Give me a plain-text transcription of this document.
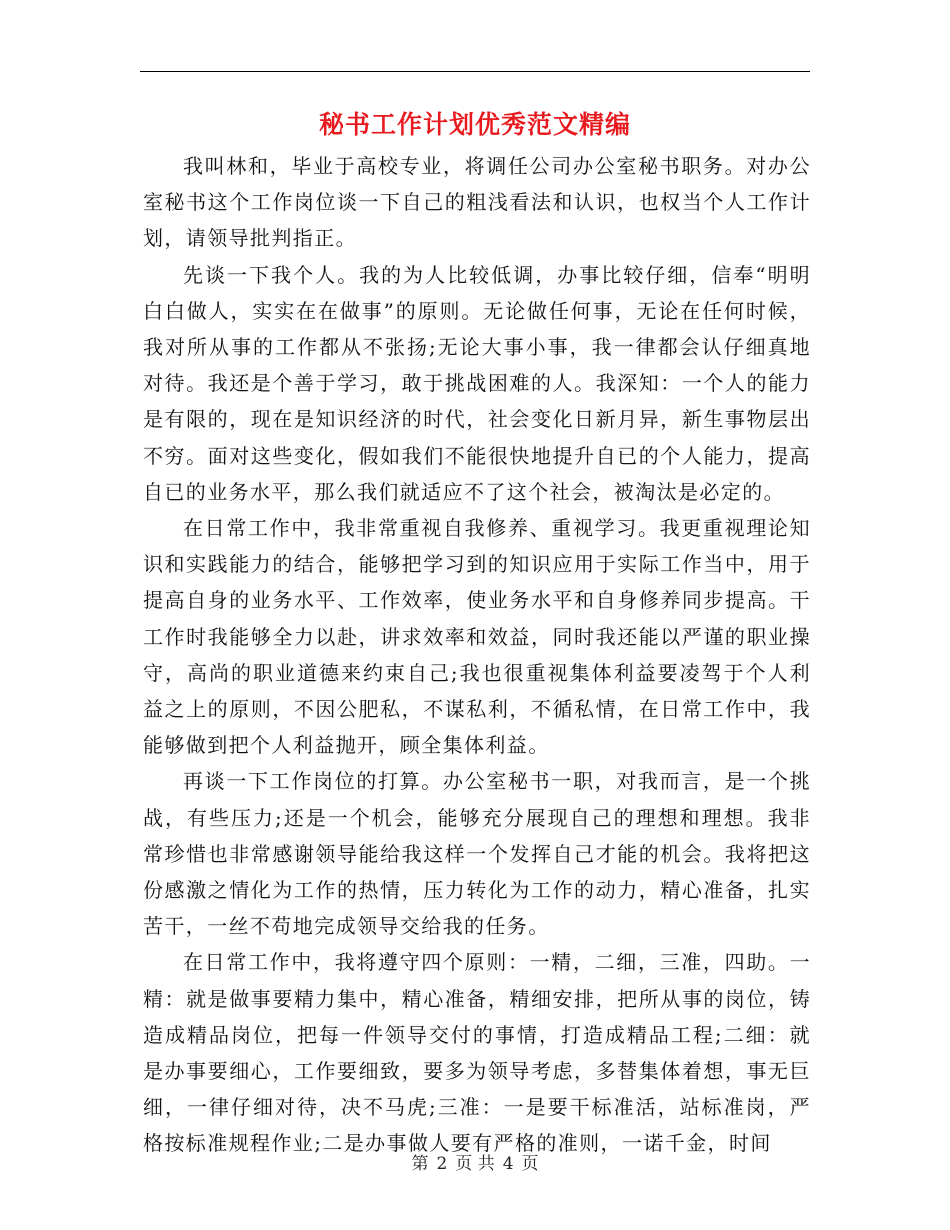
秘书工作计划优秀范文精编

我叫林和，毕业于高校专业，将调任公司办公室秘书职务。对办公室秘书这个工作岗位谈一下自己的粗浅看法和认识，也权当个人工作计划，请领导批判指正。

先谈一下我个人。我的为人比较低调，办事比较仔细，信奉“明明白白做人，实实在在做事”的原则。无论做任何事，无论在任何时候，我对所从事的工作都从不张扬;无论大事小事，我一律都会认仔细真地对待。我还是个善于学习，敢于挑战困难的人。我深知：一个人的能力是有限的，现在是知识经济的时代，社会变化日新月异，新生事物层出不穷。面对这些变化，假如我们不能很快地提升自已的个人能力，提高自已的业务水平，那么我们就适应不了这个社会，被淘汰是必定的。

在日常工作中，我非常重视自我修养、重视学习。我更重视理论知识和实践能力的结合，能够把学习到的知识应用于实际工作当中，用于提高自身的业务水平、工作效率，使业务水平和自身修养同步提高。干工作时我能够全力以赴，讲求效率和效益，同时我还能以严谨的职业操守，高尚的职业道德来约束自己;我也很重视集体利益要凌驾于个人利益之上的原则，不因公肥私，不谋私利，不循私情，在日常工作中，我能够做到把个人利益抛开，顾全集体利益。

再谈一下工作岗位的打算。办公室秘书一职，对我而言，是一个挑战，有些压力;还是一个机会，能够充分展现自己的理想和理想。我非常珍惜也非常感谢领导能给我这样一个发挥自己才能的机会。我将把这份感激之情化为工作的热情，压力转化为工作的动力，精心准备，扎实苦干，一丝不苟地完成领导交给我的任务。

在日常工作中，我将遵守四个原则：一精，二细，三准，四助。一精：就是做事要精力集中，精心准备，精细安排，把所从事的岗位，铸造成精品岗位，把每一件领导交付的事情，打造成精品工程;二细：就是办事要细心，工作要细致，要多为领导考虑，多替集体着想，事无巨细，一律仔细对待，决不马虎;三准：一是要干标准活，站标准岗，严格按标准规程作业;二是办事做人要有严格的准则，一诺千金，时间

第 2 页 共 4 页
